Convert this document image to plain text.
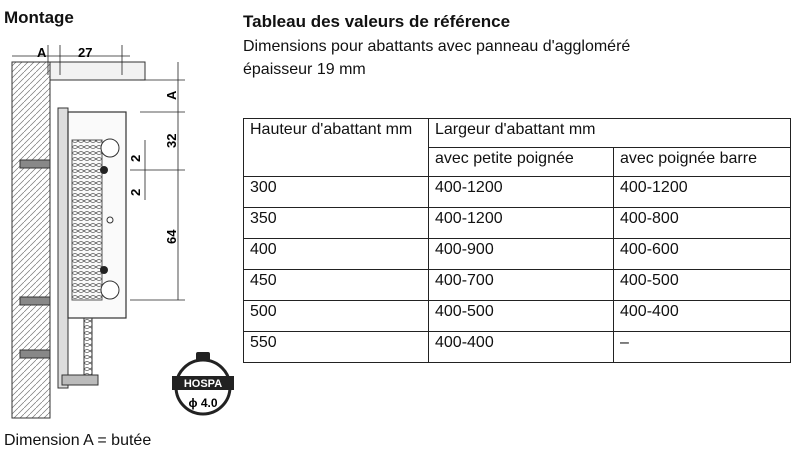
Montage
A 27
A
32
2
2
64
HOSPA
ϕ 4.0
Dimension A = butée
Tableau des valeurs de référence
Dimensions pour abattants avec panneau d'aggloméré
épaisseur 19 mm
Hauteur d'abattant mm	Largeur d'abattant mm	
	avec petite poignée	avec poignée barre
300	400-1200	400-1200
350	400-1200	400-800
400	400-900	400-600
450	400-700	400-500
500	400-500	400-400
550	400-400	–
